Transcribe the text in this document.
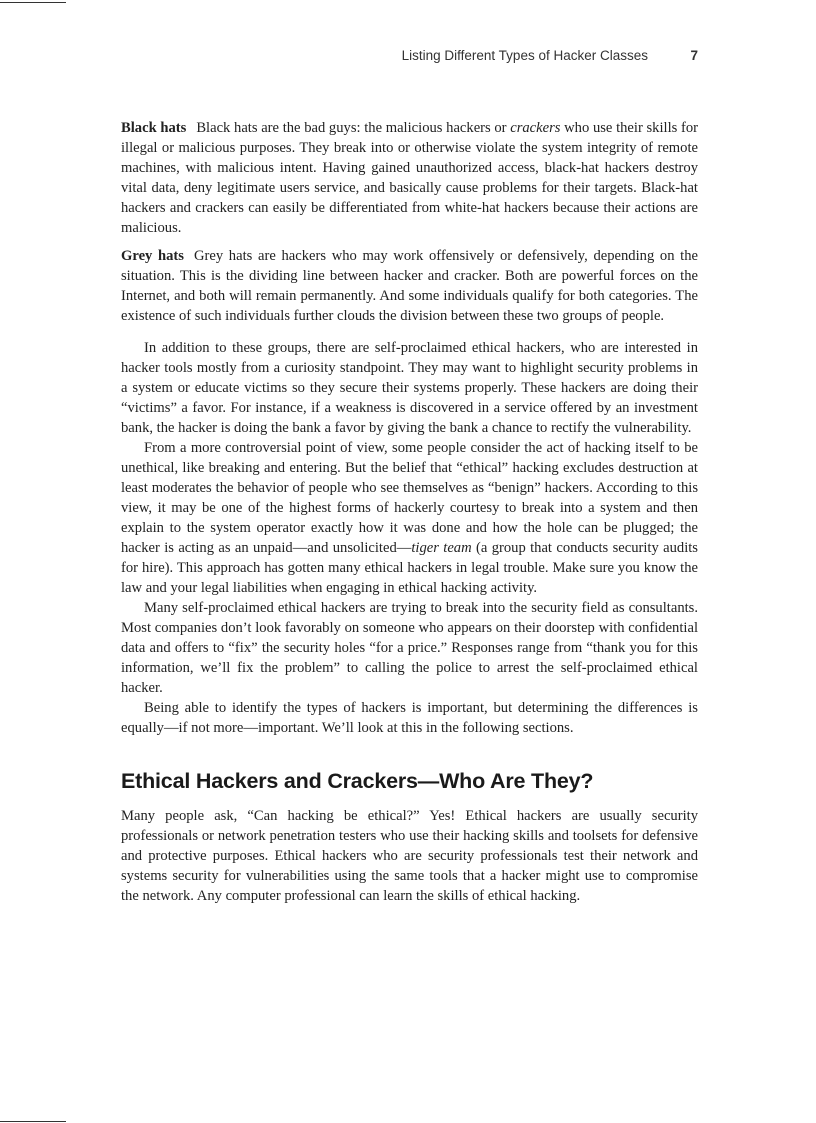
Listing Different Types of Hacker Classes	7

Black hats Black hats are the bad guys: the malicious hackers or crackers who use their skills for illegal or malicious purposes. They break into or otherwise violate the system integrity of remote machines, with malicious intent. Having gained unauthorized access, black-hat hackers destroy vital data, deny legitimate users service, and basically cause problems for their targets. Black-hat hackers and crackers can easily be differentiated from white-hat hackers because their actions are malicious.

Grey hats Grey hats are hackers who may work offensively or defensively, depending on the situation. This is the dividing line between hacker and cracker. Both are powerful forces on the Internet, and both will remain permanently. And some individuals qualify for both categories. The existence of such individuals further clouds the division between these two groups of people.

In addition to these groups, there are self-proclaimed ethical hackers, who are interested in hacker tools mostly from a curiosity standpoint. They may want to highlight security problems in a system or educate victims so they secure their systems properly. These hackers are doing their “victims” a favor. For instance, if a weakness is discovered in a service offered by an investment bank, the hacker is doing the bank a favor by giving the bank a chance to rectify the vulnerability.

From a more controversial point of view, some people consider the act of hacking itself to be unethical, like breaking and entering. But the belief that “ethical” hacking excludes destruction at least moderates the behavior of people who see themselves as “benign” hackers. According to this view, it may be one of the highest forms of hackerly courtesy to break into a system and then explain to the system operator exactly how it was done and how the hole can be plugged; the hacker is acting as an unpaid—and unsolicited—tiger team (a group that conducts security audits for hire). This approach has gotten many ethical hackers in legal trouble. Make sure you know the law and your legal liabilities when engaging in ethical hacking activity.

Many self-proclaimed ethical hackers are trying to break into the security field as consultants. Most companies don’t look favorably on someone who appears on their doorstep with confidential data and offers to “fix” the security holes “for a price.” Responses range from “thank you for this information, we’ll fix the problem” to calling the police to arrest the self-proclaimed ethical hacker.

Being able to identify the types of hackers is important, but determining the differences is equally—if not more—important. We’ll look at this in the following sections.

Ethical Hackers and Crackers—Who Are They?

Many people ask, “Can hacking be ethical?” Yes! Ethical hackers are usually security professionals or network penetration testers who use their hacking skills and toolsets for defensive and protective purposes. Ethical hackers who are security professionals test their network and systems security for vulnerabilities using the same tools that a hacker might use to compromise the network. Any computer professional can learn the skills of ethical hacking.
